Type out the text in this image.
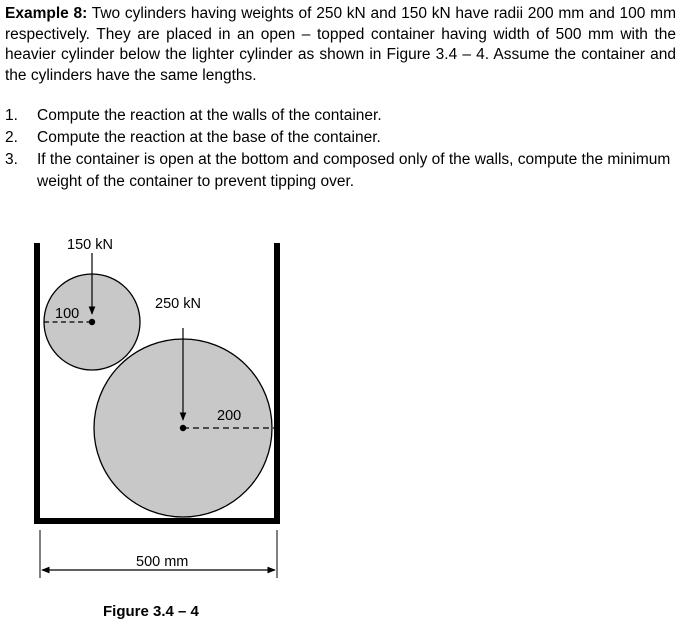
Example 8: Two cylinders having weights of 250 kN and 150 kN have radii 200 mm and 100 mm respectively. They are placed in an open – topped container having width of 500 mm with the heavier cylinder below the lighter cylinder as shown in Figure 3.4 – 4. Assume the container and the cylinders have the same lengths.
1.	Compute the reaction at the walls of the container.
2.	Compute the reaction at the base of the container.
3.	If the container is open at the bottom and composed only of the walls, compute the minimum weight of the container to prevent tipping over.
250 kN
200
150 kN
100
500 mm
Figure 3.4 – 4
